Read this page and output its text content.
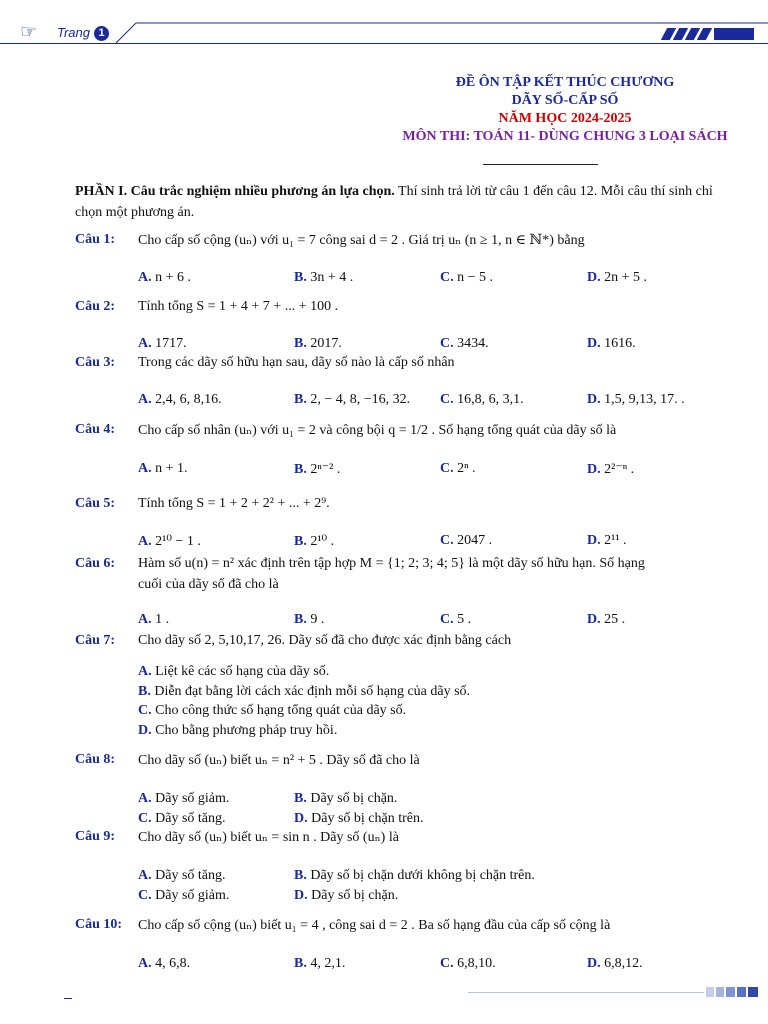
☞ Trang 1
ĐỀ ÔN TẬP KẾT THÚC CHƯƠNG
DÃY SỐ-CẤP SỐ
NĂM HỌC 2024-2025
MÔN THI: TOÁN 11- DÙNG CHUNG 3 LOẠI SÁCH
PHẦN I. Câu trắc nghiệm nhiều phương án lựa chọn. Thí sinh trả lời từ câu 1 đến câu 12. Mỗi câu thí sinh chỉ chọn một phương án.
Câu 1: Cho cấp số cộng (uₙ) với u₁ = 7 công sai d = 2 . Giá trị uₙ (n ≥ 1, n ∈ ℕ*) bằng
A. n + 6 .	B. 3n + 4 .	C. n − 5 .	D. 2n + 5 .
Câu 2: Tính tổng S = 1 + 4 + 7 + ... + 100 .
A. 1717.	B. 2017.	C. 3434.	D. 1616.
Câu 3: Trong các dãy số hữu hạn sau, dãy số nào là cấp số nhân
A. 2,4, 6, 8,16.	B. 2, − 4, 8, −16, 32. C. 16,8, 6, 3,1.	D. 1,5, 9,13, 17. .
Câu 4: Cho cấp số nhân (uₙ) với u₁ = 2 và công bội q = 1/2 . Số hạng tổng quát của dãy số là
A. n + 1.	B. 2ⁿ⁻² .	C. 2ⁿ .	D. 2²⁻ⁿ .
Câu 5: Tính tổng S = 1 + 2 + 2² + ... + 2⁹.
A. 2¹⁰ − 1 .	B. 2¹⁰ .	C. 2047 .	D. 2¹¹ .
Câu 6: Hàm số u(n) = n² xác định trên tập hợp M = {1; 2; 3; 4; 5} là một dãy số hữu hạn. Số hạng
cuối của dãy số đã cho là
A. 1 .	B. 9 .	C. 5 .	D. 25 .
Câu 7: Cho dãy số 2, 5,10,17, 26. Dãy số đã cho được xác định bằng cách
A. Liệt kê các số hạng của dãy số.
B. Diễn đạt bằng lời cách xác định mỗi số hạng của dãy số.
C. Cho công thức số hạng tổng quát của dãy số.
D. Cho bằng phương pháp truy hồi.
Câu 8: Cho dãy số (uₙ) biết uₙ = n² + 5 . Dãy số đã cho là
A. Dãy số giảm.	B. Dãy số bị chặn.
C. Dãy số tăng.	D. Dãy số bị chặn trên.
Câu 9: Cho dãy số (uₙ) biết uₙ = sin n . Dãy số (uₙ) là
A. Dãy số tăng.	B. Dãy số bị chặn dưới không bị chặn trên.
C. Dãy số giảm.	D. Dãy số bị chặn.
Câu 10: Cho cấp số cộng (uₙ) biết u₁ = 4 , công sai d = 2 . Ba số hạng đầu của cấp số cộng là
A. 4, 6,8.	B. 4, 2,1.	C. 6,8,10.	D. 6,8,12.
